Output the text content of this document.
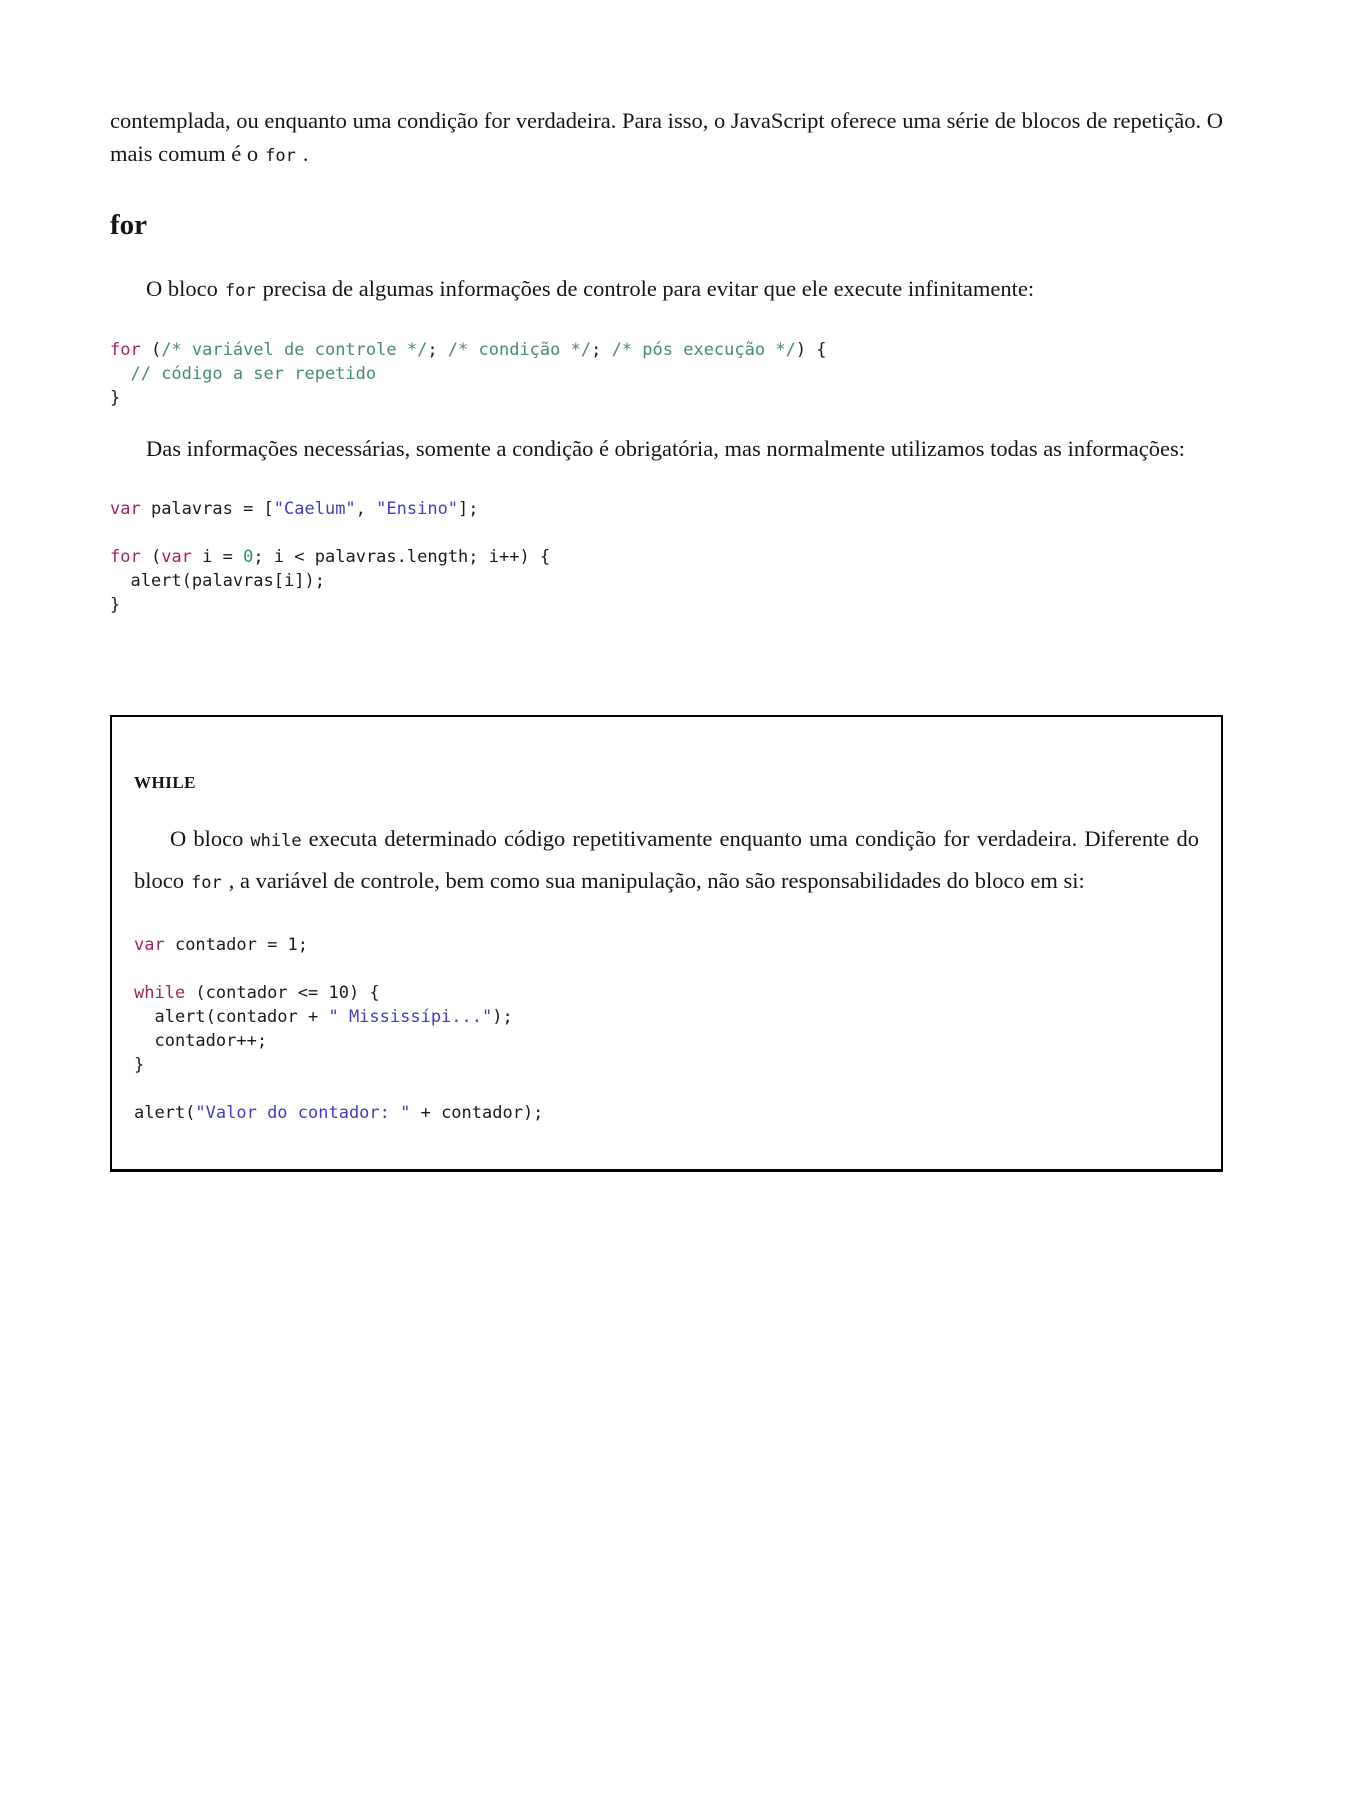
contemplada, ou enquanto uma condição for verdadeira. Para isso, o JavaScript oferece uma série de blocos de repetição. O mais comum é o for .

for

O bloco for precisa de algumas informações de controle para evitar que ele execute infinitamente:

for (/* variável de controle */; /* condição */; /* pós execução */) {
// código a ser repetido
}

Das informações necessárias, somente a condição é obrigatória, mas normalmente utilizamos todas as informações:

var palavras = ["Caelum", "Ensino"];
for (var i = 0; i < palavras.length; i++) {
alert(palavras[i]);
}

WHILE

O bloco while executa determinado código repetitivamente enquanto uma condição for verdadeira. Diferente do bloco for , a variável de controle, bem como sua manipulação, não são responsabilidades do bloco em si:

var contador = 1;

while (contador <= 10) {
alert(contador + " Mississípi...");
contador++;
}

alert("Valor do contador: " + contador);
